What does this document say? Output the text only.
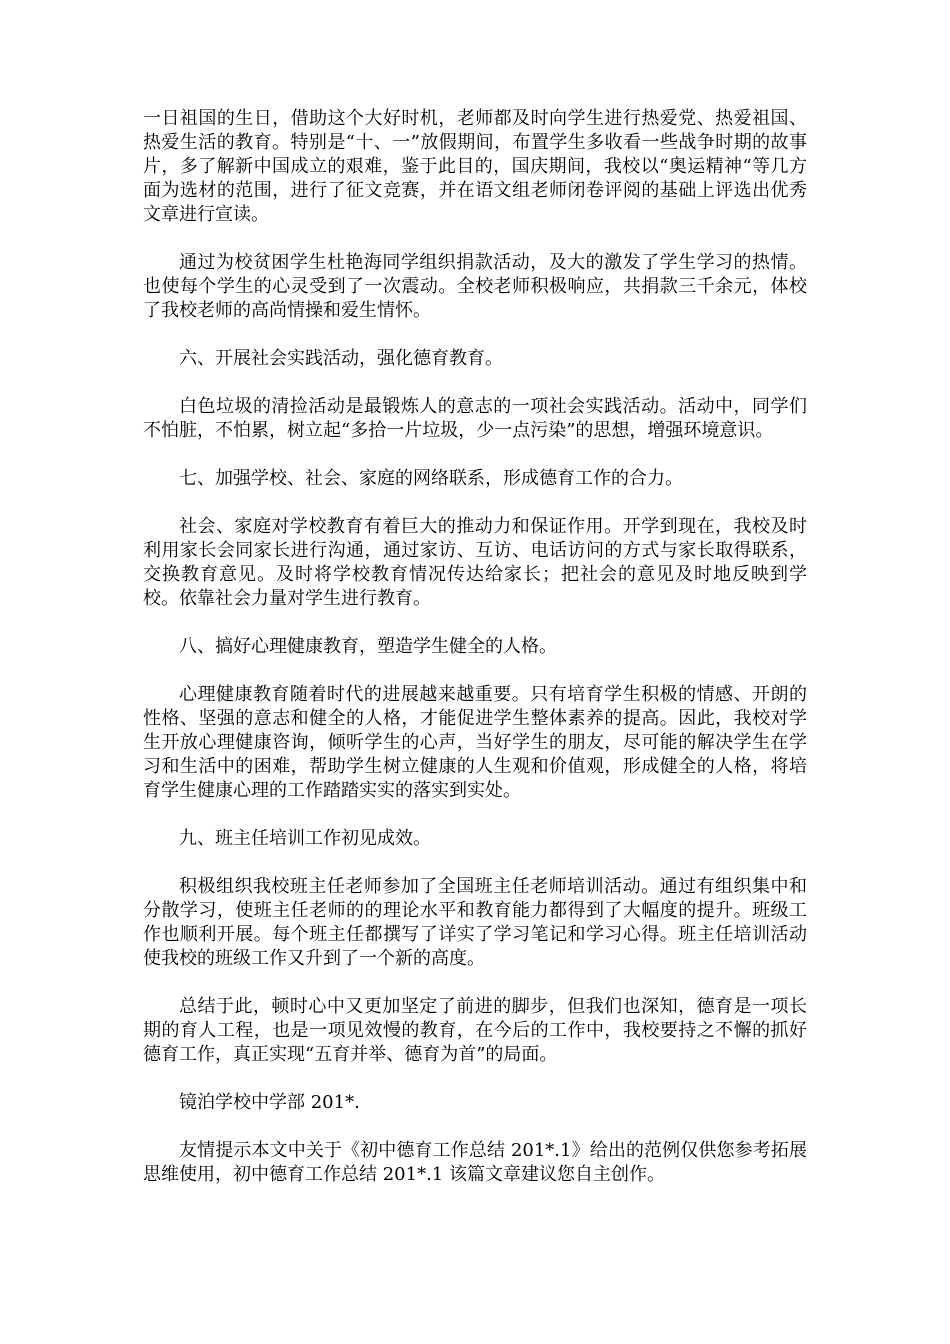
一日祖国的生日，借助这个大好时机，老师都及时向学生进行热爱党、热爱祖国、热爱生活的教育。特别是“十、一”放假期间，布置学生多收看一些战争时期的故事片，多了解新中国成立的艰难，鉴于此目的，国庆期间，我校以“奥运精神“等几方面为选材的范围，进行了征文竞赛，并在语文组老师闭卷评阅的基础上评选出优秀文章进行宣读。

通过为校贫困学生杜艳海同学组织捐款活动，及大的激发了学生学习的热情。也使每个学生的心灵受到了一次震动。全校老师积极响应，共捐款三千余元，体校了我校老师的高尚情操和爱生情怀。

六、开展社会实践活动，强化德育教育。

白色垃圾的清捡活动是最锻炼人的意志的一项社会实践活动。活动中，同学们不怕脏，不怕累，树立起“多拾一片垃圾，少一点污染”的思想，增强环境意识。

七、加强学校、社会、家庭的网络联系，形成德育工作的合力。

社会、家庭对学校教育有着巨大的推动力和保证作用。开学到现在，我校及时利用家长会同家长进行沟通，通过家访、互访、电话访问的方式与家长取得联系，交换教育意见。及时将学校教育情况传达给家长；把社会的意见及时地反映到学校。依靠社会力量对学生进行教育。

八、搞好心理健康教育，塑造学生健全的人格。

心理健康教育随着时代的进展越来越重要。只有培育学生积极的情感、开朗的性格、坚强的意志和健全的人格，才能促进学生整体素养的提高。因此，我校对学生开放心理健康咨询，倾听学生的心声，当好学生的朋友，尽可能的解决学生在学习和生活中的困难，帮助学生树立健康的人生观和价值观，形成健全的人格，将培育学生健康心理的工作踏踏实实的落实到实处。

九、班主任培训工作初见成效。

积极组织我校班主任老师参加了全国班主任老师培训活动。通过有组织集中和分散学习，使班主任老师的的理论水平和教育能力都得到了大幅度的提升。班级工作也顺利开展。每个班主任都撰写了详实了学习笔记和学习心得。班主任培训活动使我校的班级工作又升到了一个新的高度。

总结于此，顿时心中又更加坚定了前进的脚步，但我们也深知，德育是一项长期的育人工程，也是一项见效慢的教育，在今后的工作中，我校要持之不懈的抓好德育工作，真正实现“五育并举、德育为首”的局面。

镜泊学校中学部 201*.

友情提示本文中关于《初中德育工作总结 201*.1》给出的范例仅供您参考拓展思维使用，初中德育工作总结 201*.1 该篇文章建议您自主创作。
